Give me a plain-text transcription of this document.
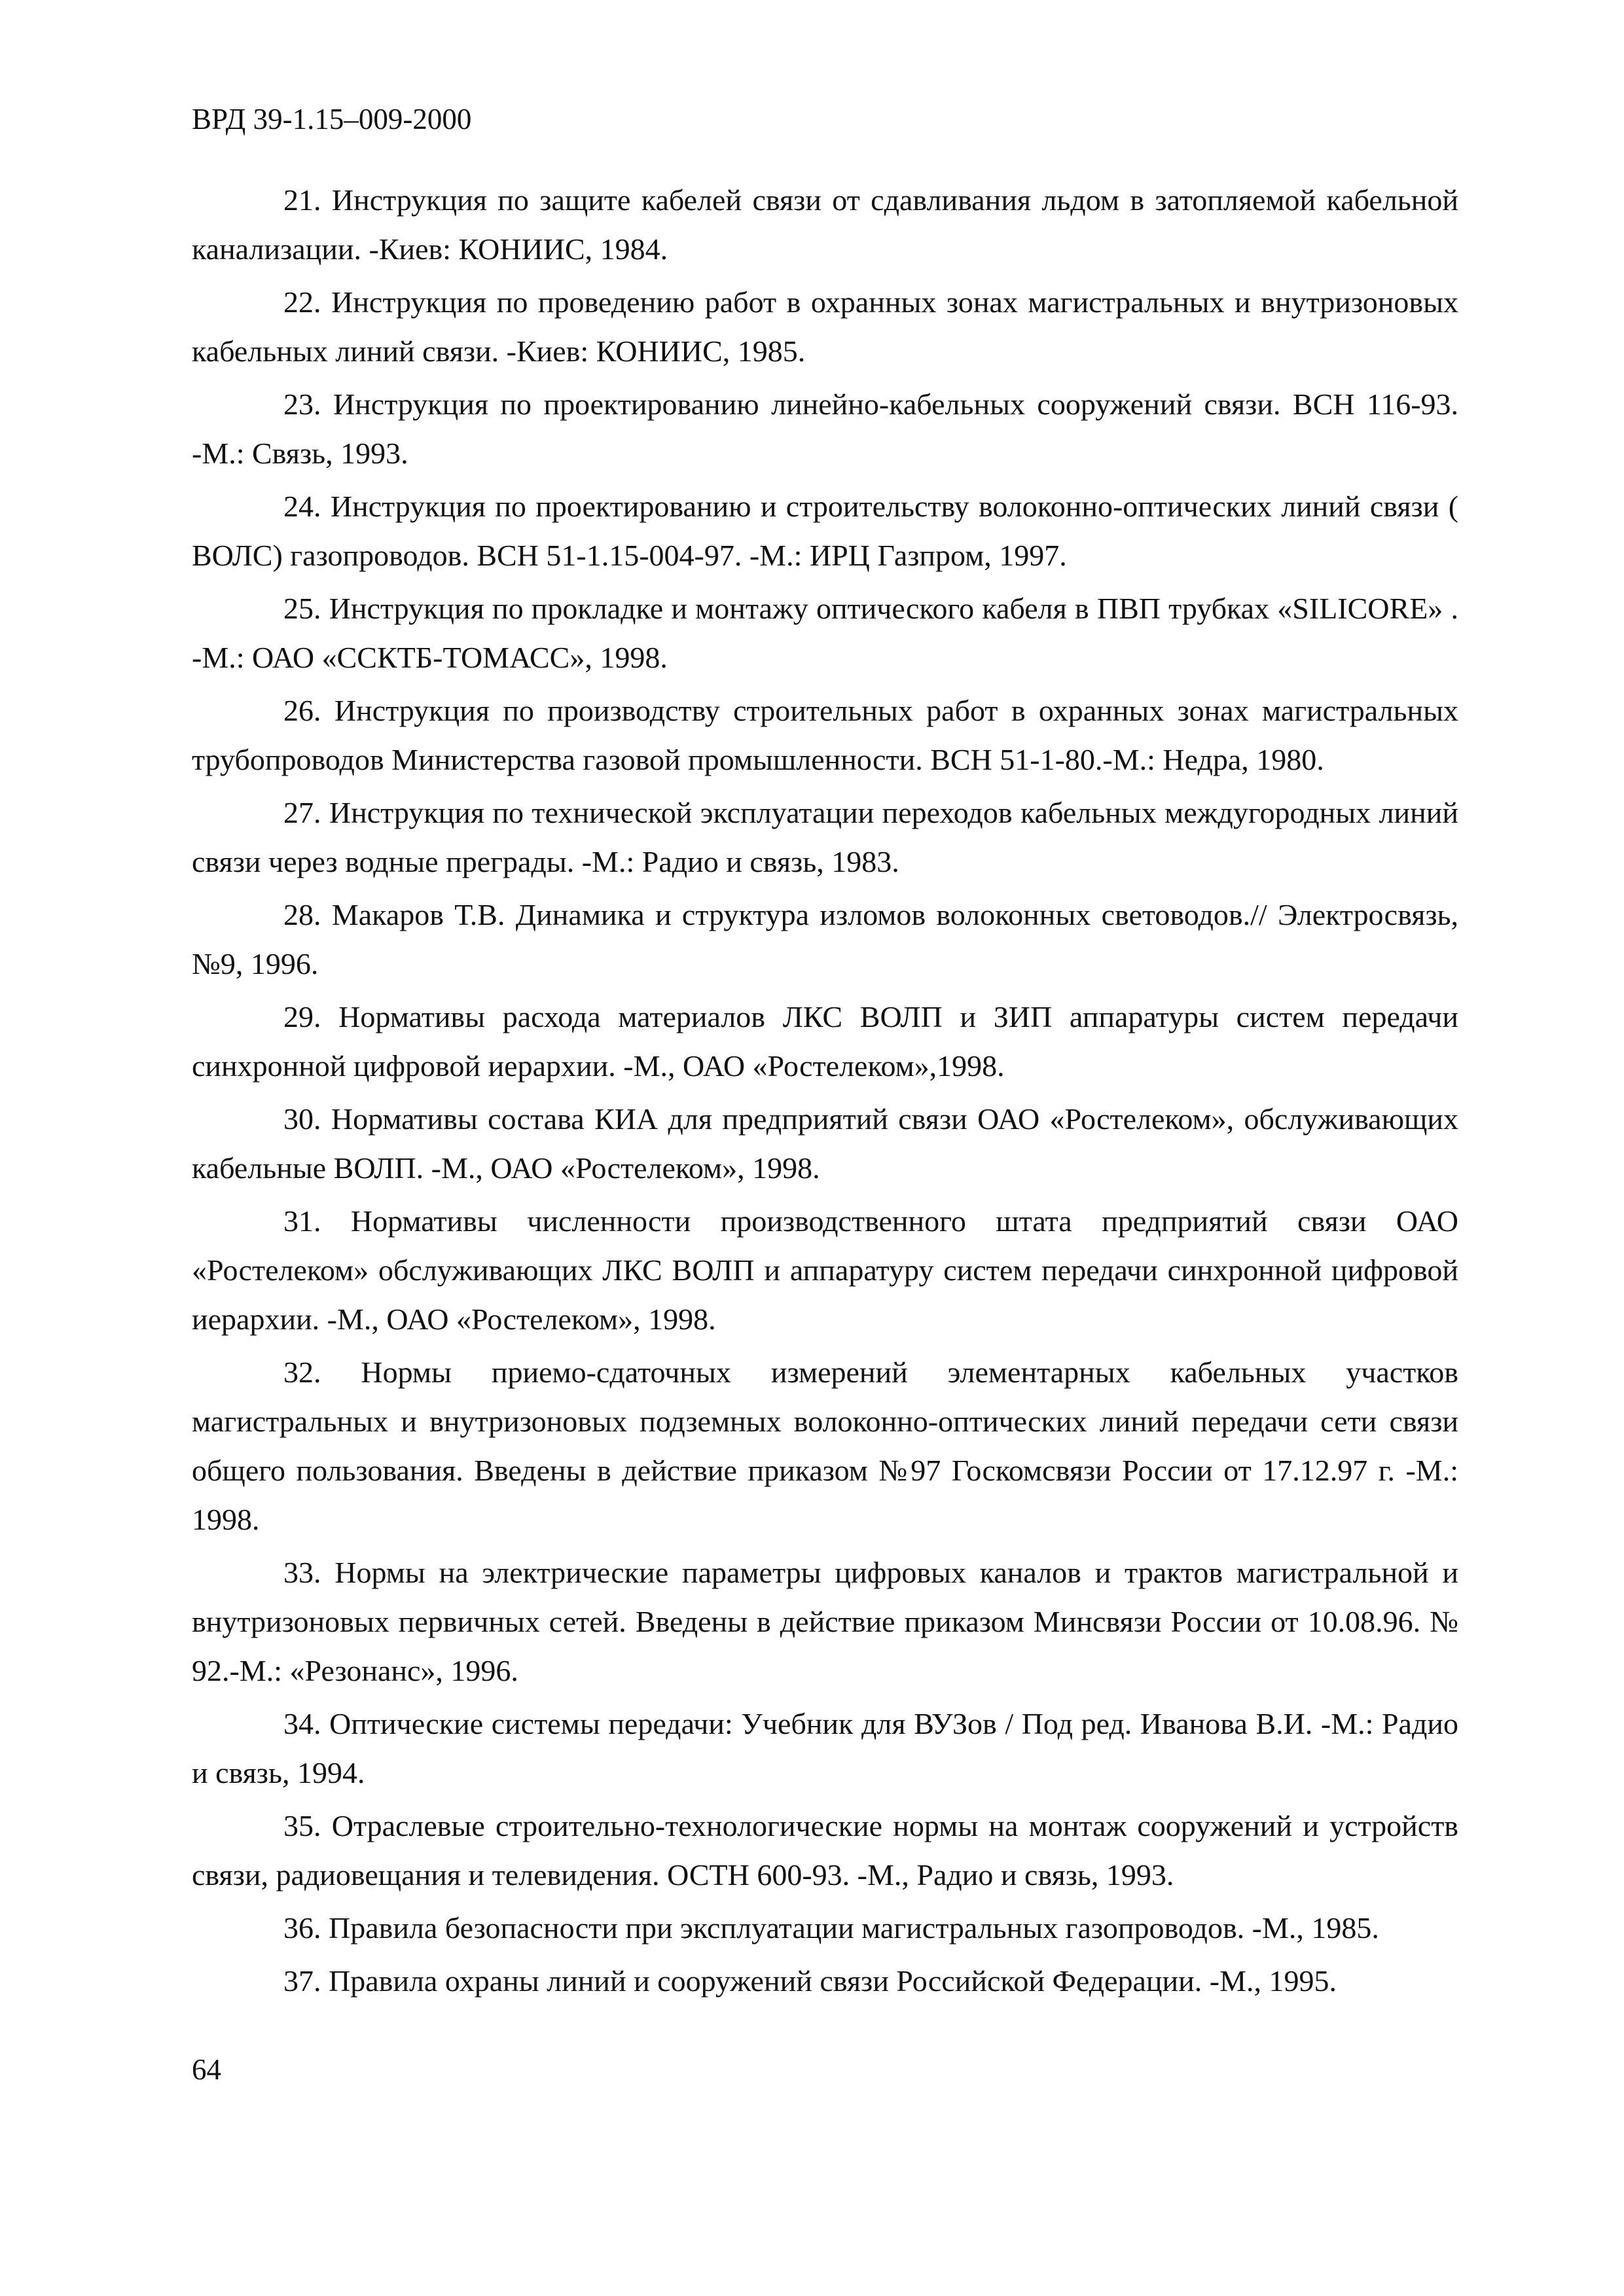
ВРД 39-1.15–009-2000

21. Инструкция по защите кабелей связи от сдавливания льдом в затопляемой кабельной канализации. -Киев: КОНИИС, 1984.

22. Инструкция по проведению работ в охранных зонах магистральных и внутризоновых кабельных линий связи. -Киев: КОНИИС, 1985.

23. Инструкция по проектированию линейно-кабельных сооружений связи. ВСН 116-93. -М.: Связь, 1993.

24. Инструкция по проектированию и строительству волоконно-оптических линий связи ( ВОЛС) газопроводов. ВСН 51-1.15-004-97. -М.: ИРЦ Газпром, 1997.

25. Инструкция по прокладке и монтажу оптического кабеля в ПВП трубках «SILICORE» . -М.: ОАО «ССКТБ-ТОМАСС», 1998.

26. Инструкция по производству строительных работ в охранных зонах магистральных трубопроводов Министерства газовой промышленности. ВСН 51-1-80.-М.: Недра, 1980.

27. Инструкция по технической эксплуатации переходов кабельных междугородных линий связи через водные преграды. -М.: Радио и связь, 1983.

28. Макаров Т.В. Динамика и структура изломов волоконных световодов.// Электросвязь, №9, 1996.

29. Нормативы расхода материалов ЛКС ВОЛП и ЗИП аппаратуры систем передачи синхронной цифровой иерархии. -М., ОАО «Ростелеком»,1998.

30. Нормативы состава КИА для предприятий связи ОАО «Ростелеком», обслуживающих кабельные ВОЛП. -М., ОАО «Ростелеком», 1998.

31. Нормативы численности производственного штата предприятий связи ОАО «Ростелеком» обслуживающих ЛКС ВОЛП и аппаратуру систем передачи синхронной цифровой иерархии. -М., ОАО «Ростелеком», 1998.

32. Нормы приемо-сдаточных измерений элементарных кабельных участков магистральных и внутризоновых подземных волоконно-оптических линий передачи сети связи общего пользования. Введены в действие приказом №97 Госкомсвязи России от 17.12.97 г. -М.: 1998.

33. Нормы на электрические параметры цифровых каналов и трактов магистральной и внутризоновых первичных сетей. Введены в действие приказом Минсвязи России от 10.08.96. № 92.-М.: «Резонанс», 1996.

34. Оптические системы передачи: Учебник для ВУЗов / Под ред. Иванова В.И. -М.: Радио и связь, 1994.

35. Отраслевые строительно-технологические нормы на монтаж сооружений и устройств связи, радиовещания и телевидения. ОСТН 600-93. -М., Радио и связь, 1993.

36. Правила безопасности при эксплуатации магистральных газопроводов. -М., 1985.

37. Правила охраны линий и сооружений связи Российской Федерации. -М., 1995.

64
